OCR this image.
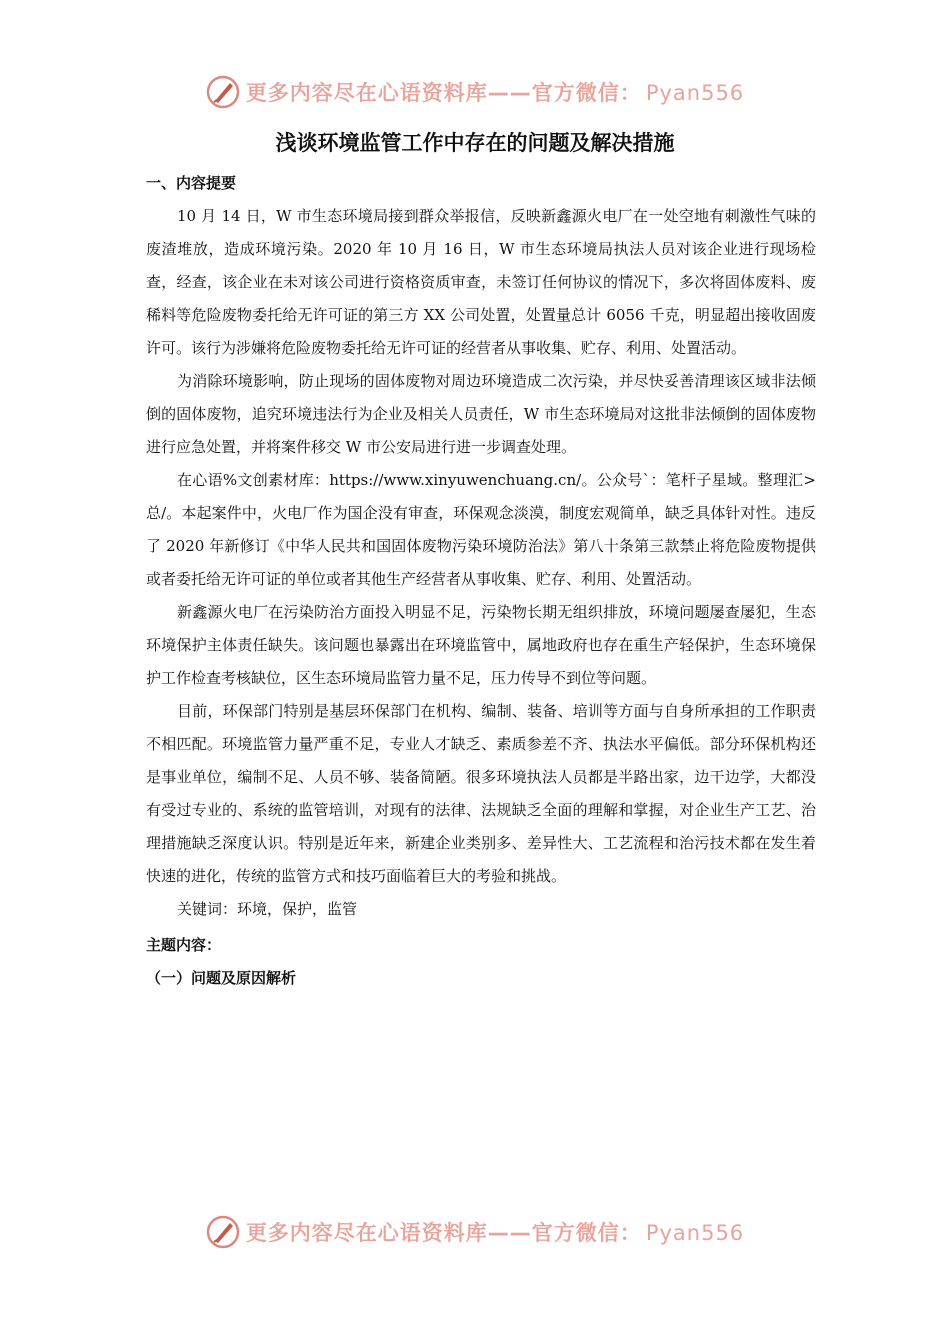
更多内容尽在心语资料库——官方微信： Pyan556
浅谈环境监管工作中存在的问题及解决措施
一、内容提要

10 月 14 日，W 市生态环境局接到群众举报信，反映新鑫源火电厂在一处空地有刺激性气味的废渣堆放，造成环境污染。2020 年 10 月 16 日，W 市生态环境局执法人员对该企业进行现场检查，经查，该企业在未对该公司进行资格资质审查，未签订任何协议的情况下，多次将固体废料、废稀料等危险废物委托给无许可证的第三方 XX 公司处置，处置量总计 6056 千克，明显超出接收固废许可。该行为涉嫌将危险废物委托给无许可证的经营者从事收集、贮存、利用、处置活动。

为消除环境影响，防止现场的固体废物对周边环境造成二次污染，并尽快妥善清理该区域非法倾倒的固体废物，追究环境违法行为企业及相关人员责任，W 市生态环境局对这批非法倾倒的固体废物进行应急处置，并将案件移交 W 市公安局进行进一步调查处理。

在心语%文创素材库：https://www.xinyuwenchuang.cn/。公众号`：笔杆子星域。整理汇>总/。本起案件中，火电厂作为国企没有审查，环保观念淡漠，制度宏观简单，缺乏具体针对性。违反了 2020 年新修订《中华人民共和国固体废物污染环境防治法》第八十条第三款禁止将危险废物提供或者委托给无许可证的单位或者其他生产经营者从事收集、贮存、利用、处置活动。

新鑫源火电厂在污染防治方面投入明显不足，污染物长期无组织排放，环境问题屡查屡犯，生态环境保护主体责任缺失。该问题也暴露出在环境监管中，属地政府也存在重生产轻保护，生态环境保护工作检查考核缺位，区生态环境局监管力量不足，压力传导不到位等问题。

目前，环保部门特别是基层环保部门在机构、编制、装备、培训等方面与自身所承担的工作职责不相匹配。环境监管力量严重不足，专业人才缺乏、素质参差不齐、执法水平偏低。部分环保机构还是事业单位，编制不足、人员不够、装备简陋。很多环境执法人员都是半路出家，边干边学，大都没有受过专业的、系统的监管培训，对现有的法律、法规缺乏全面的理解和掌握，对企业生产工艺、治理措施缺乏深度认识。特别是近年来，新建企业类别多、差异性大、工艺流程和治污技术都在发生着快速的进化，传统的监管方式和技巧面临着巨大的考验和挑战。

关键词：环境，保护，监管

主题内容：
（一）问题及原因解析
更多内容尽在心语资料库——官方微信： Pyan556
